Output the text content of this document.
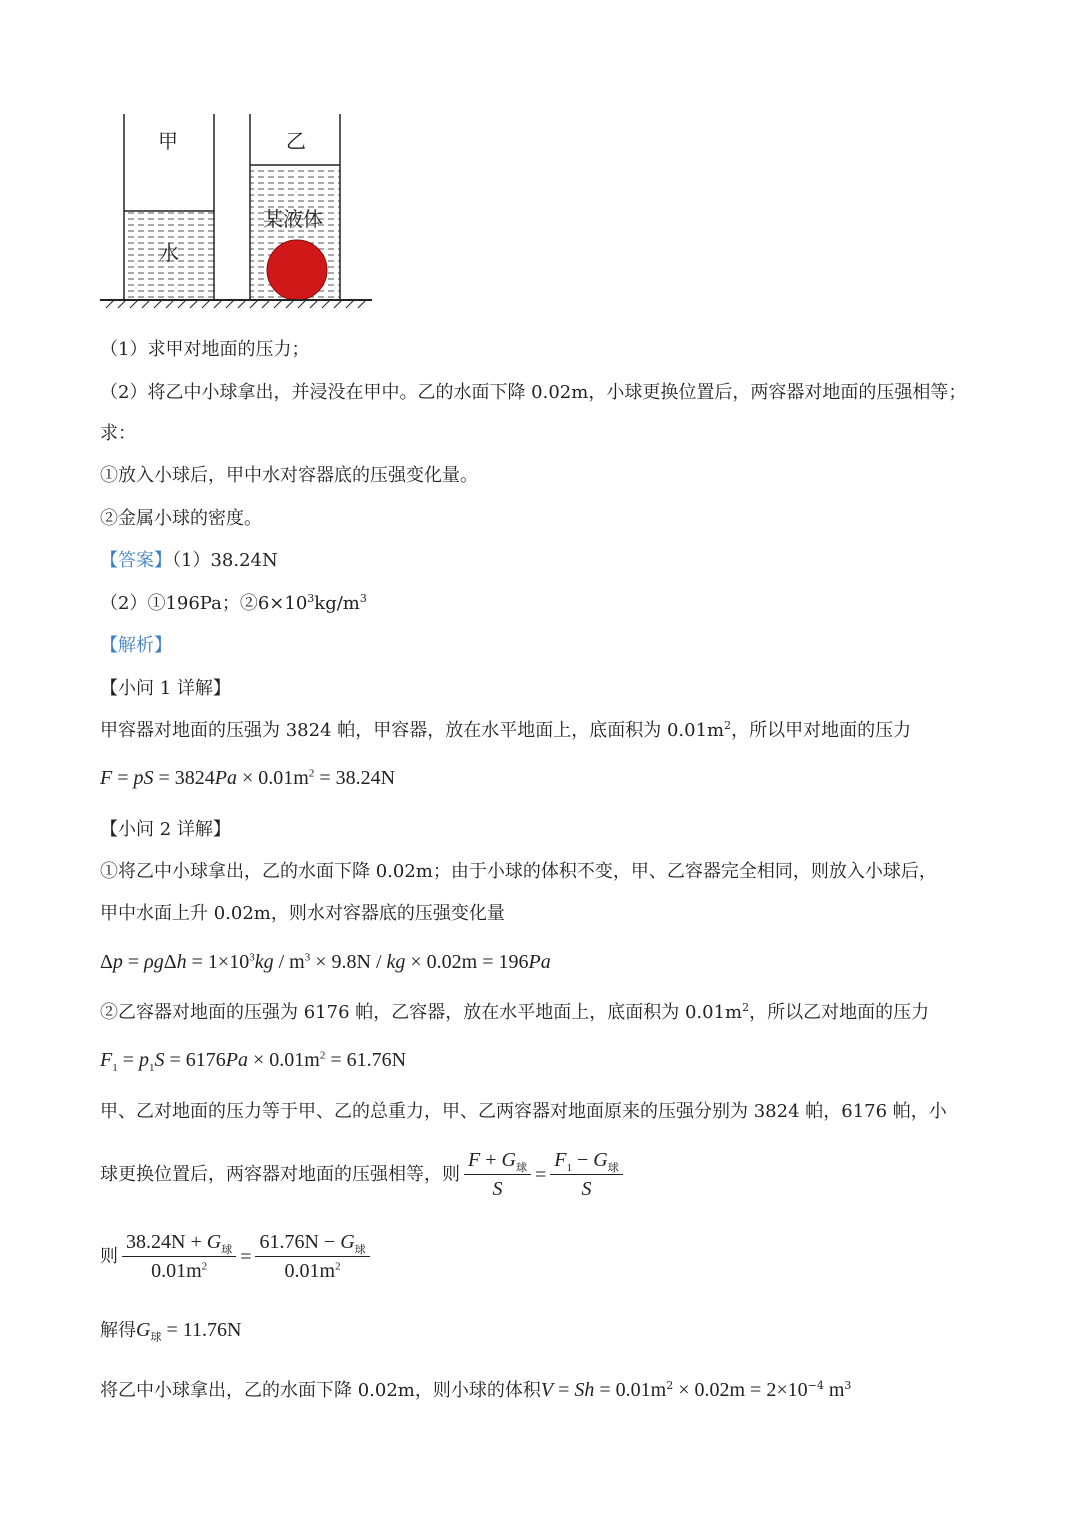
甲	乙
水
某液体
（1）求甲对地面的压力；
（2）将乙中小球拿出，并浸没在甲中。乙的水面下降 0.02m，小球更换位置后，两容器对地面的压强相等；
求：
①放入小球后，甲中水对容器底的压强变化量。
②金属小球的密度。
【答案】（1）38.24N
（2）①196Pa；$②6\times 10^3kg/m^3$
【解析】
【小问 1 详解】
甲容器对地面的压强为 3824 帕，甲容器，放在水平地面上，底面积为 $0.01m^2$，所以甲对地面的压力
F = pS = $3824Pa \times 0.01m^2 = 38.24N$
【小问 2 详解】
①将乙中小球拿出，乙的水面下降 0.02m；由于小球的体积不变，甲、乙容器完全相同，则放入小球后，
甲中水面上升 0.02m，则水对容器底的压强变化量
$\Delta p = \rho g\Delta h = 1\times 10^3kg / m^3 \times 9.8N$ / kg × 0.02m = 196Pa
②乙容器对地面的压强为 6176 帕，乙容器，放在水平地面上，底面积为 $0.01m^2$，所以乙对地面的压力
$F_1 = p_1S = 6176Pa \times 0.01m^2 = 61.76N$
甲、乙对地面的压力等于甲、乙的总重力，甲、乙两容器对地面原来的压强分别为 3824 帕，6176 帕，小
球更换位置后，两容器对地面的压强相等，则 $\frac{F + G_球}{S} = \frac{F_1 - G_球}{S}$
则 $\frac{38.24N + G_球}{0.01m^2} = \frac{61.76N - G_球}{0.01m^2}$
解得$G_球 = 11.76N$
将乙中小球拿出，乙的水面下降 0.02m，则小球的体积$V = Sh = 0.01m^2 \times 0.02m = 2\times 10^{-4}$ $m^3$
